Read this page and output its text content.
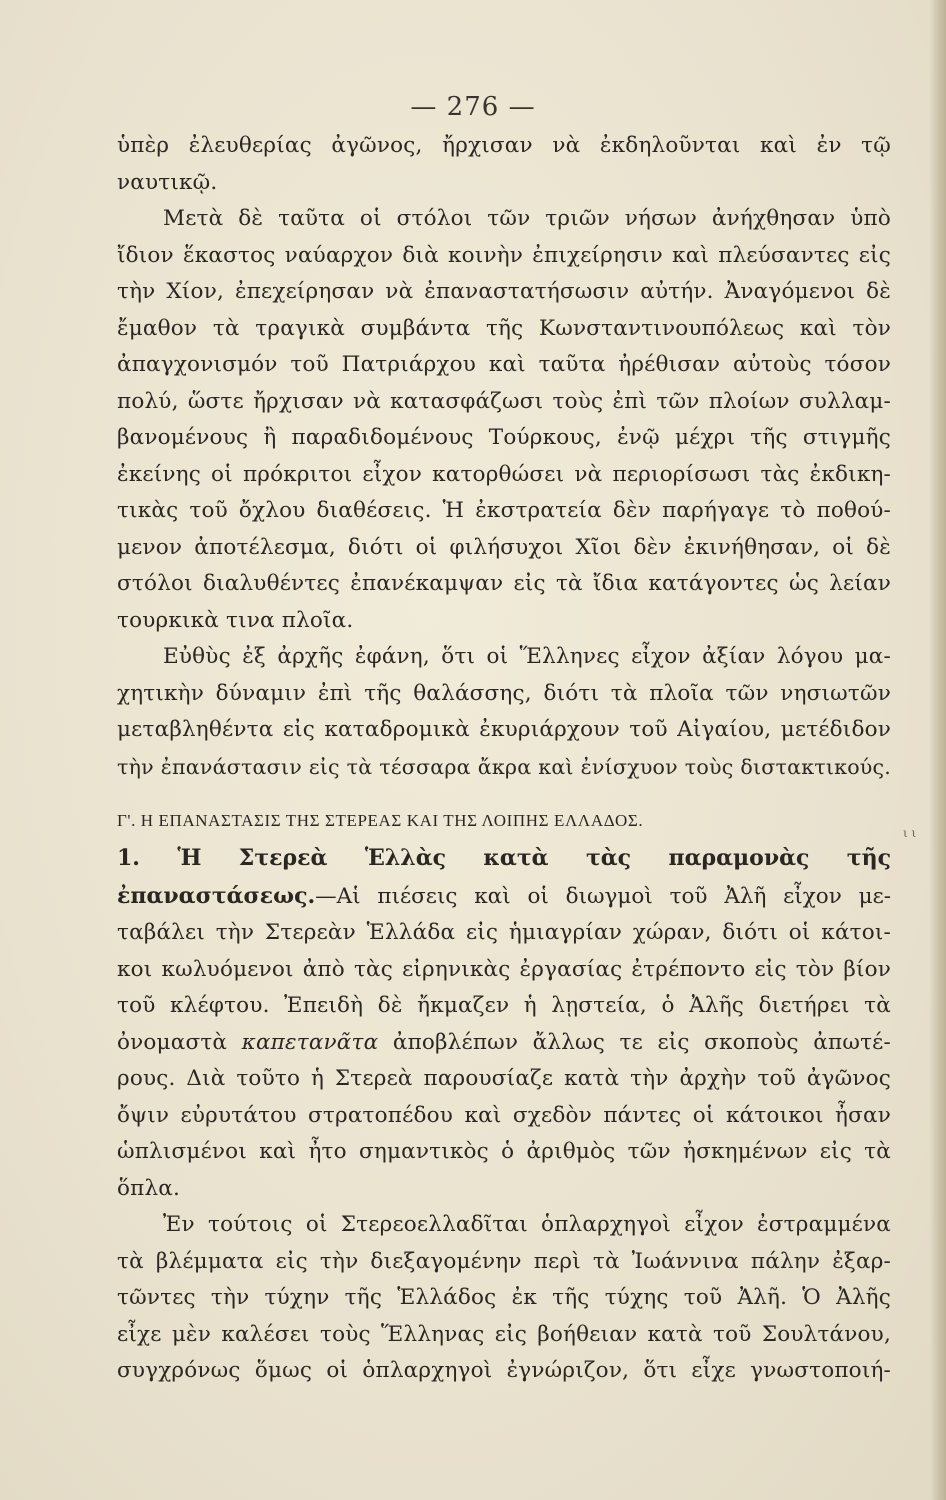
— 276 —
ὑπὲρ ἐλευθερίας ἀγῶνος, ἤρχισαν νὰ ἐκδηλοῦνται καὶ ἐν τῷ
ναυτικῷ.
Μετὰ δὲ ταῦτα οἱ στόλοι τῶν τριῶν νήσων ἀνήχθησαν ὑπὸ
ἴδιον ἕκαστος ναύαρχον διὰ κοινὴν ἐπιχείρησιν καὶ πλεύσαντες εἰς
τὴν Χίον, ἐπεχείρησαν νὰ ἐπαναστατήσωσιν αὐτήν. Ἀναγόμενοι δὲ
ἔμαθον τὰ τραγικὰ συμβάντα τῆς Κωνσταντινουπόλεως καὶ τὸν
ἀπαγχονισμόν τοῦ Πατριάρχου καὶ ταῦτα ἠρέθισαν αὐτοὺς τόσον
πολύ, ὥστε ἤρχισαν νὰ κατασφάζωσι τοὺς ἐπὶ τῶν πλοίων συλλαμ-
βανομένους ἢ παραδιδομένους Τούρκους, ἐνῷ μέχρι τῆς στιγμῆς
ἐκείνης οἱ πρόκριτοι εἶχον κατορθώσει νὰ περιορίσωσι τὰς ἐκδικη-
τικὰς τοῦ ὄχλου διαθέσεις. Ἡ ἐκστρατεία δὲν παρήγαγε τὸ ποθού-
μενον ἀποτέλεσμα, διότι οἱ φιλήσυχοι Χῖοι δὲν ἐκινήθησαν, οἱ δὲ
στόλοι διαλυθέντες ἐπανέκαμψαν εἰς τὰ ἴδια κατάγοντες ὡς λείαν
τουρκικὰ τινα πλοῖα.
Εὐθὺς ἐξ ἀρχῆς ἐφάνη, ὅτι οἱ Ἕλληνες εἶχον ἀξίαν λόγου μα-
χητικὴν δύναμιν ἐπὶ τῆς θαλάσσης, διότι τὰ πλοῖα τῶν νησιωτῶν
μεταβληθέντα εἰς καταδρομικὰ ἐκυριάρχουν τοῦ Αἰγαίου, μετέδιδον
τὴν ἐπανάστασιν εἰς τὰ τέσσαρα ἄκρα καὶ ἐνίσχυον τοὺς διστακτικούς.
Γ'. Η ΕΠΑΝΑΣΤΑΣΙΣ ΤΗΣ ΣΤΕΡΕΑΣ ΚΑΙ ΤΗΣ ΛΟΙΠΗΣ ΕΛΛΑΔΟΣ.
1. Ἡ Στερεὰ Ἑλλὰς κατὰ τὰς παραμονὰς τῆς
ἐπαναστάσεως.—Αἱ πιέσεις καὶ οἱ διωγμοὶ τοῦ Ἀλῆ εἶχον με-
ταβάλει τὴν Στερεὰν Ἑλλάδα εἰς ἡμιαγρίαν χώραν, διότι οἱ κάτοι-
κοι κωλυόμενοι ἀπὸ τὰς εἰρηνικὰς ἐργασίας ἐτρέποντο εἰς τὸν βίον
τοῦ κλέφτου. Ἐπειδὴ δὲ ἤκμαζεν ἡ λῃστεία, ὁ Ἀλῆς διετήρει τὰ
ὀνομαστὰ καπετανᾶτα ἀποβλέπων ἄλλως τε εἰς σκοποὺς ἀπωτέ-
ρους. Διὰ τοῦτο ἡ Στερεὰ παρουσίαζε κατὰ τὴν ἀρχὴν τοῦ ἀγῶνος
ὄψιν εὐρυτάτου στρατοπέδου καὶ σχεδὸν πάντες οἱ κάτοικοι ἦσαν
ὡπλισμένοι καὶ ἦτο σημαντικὸς ὁ ἀριθμὸς τῶν ἠσκημένων εἰς τὰ
ὅπλα.
Ἐν τούτοις οἱ Στερεοελλαδῖται ὁπλαρχηγοὶ εἶχον ἐστραμμένα
τὰ βλέμματα εἰς τὴν διεξαγομένην περὶ τὰ Ἰωάννινα πάλην ἐξαρ-
τῶντες τὴν τύχην τῆς Ἑλλάδος ἐκ τῆς τύχης τοῦ Ἀλῆ. Ὁ Ἀλῆς
εἶχε μὲν καλέσει τοὺς Ἕλληνας εἰς βοήθειαν κατὰ τοῦ Σουλτάνου,
συγχρόνως ὅμως οἱ ὁπλαρχηγοὶ ἐγνώριζον, ὅτι εἶχε γνωστοποιή-
ι ι
